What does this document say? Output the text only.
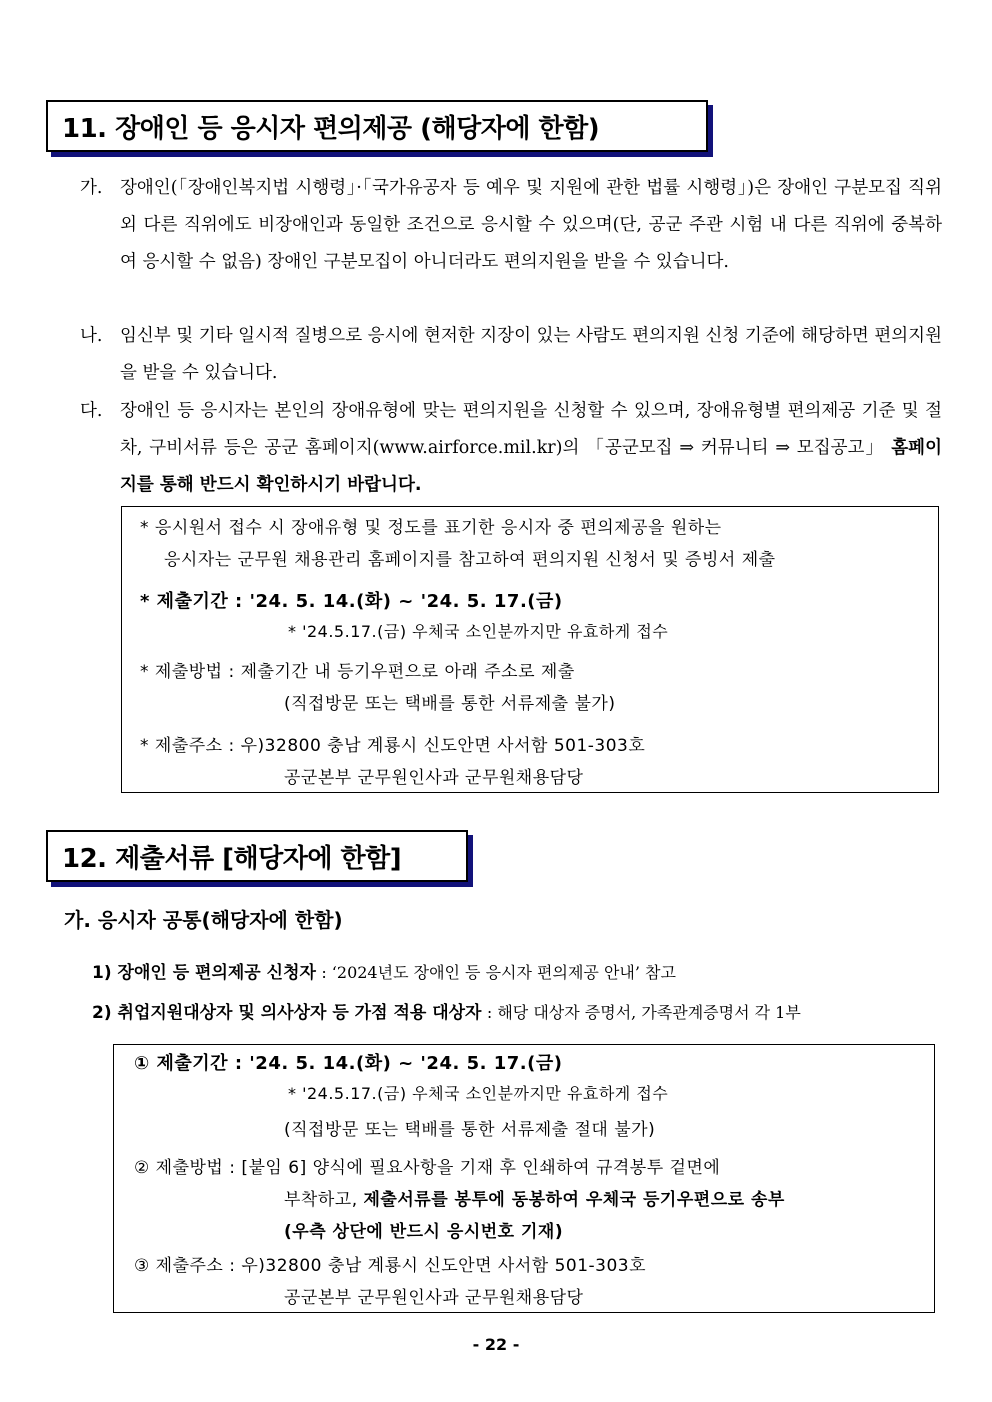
11. 장애인 등 응시자 편의제공 (해당자에 한함)
가. 장애인(「장애인복지법 시행령」·「국가유공자 등 예우 및 지원에 관한 법률 시행령」)은 장애인 구분모집 직위 외 다른 직위에도 비장애인과 동일한 조건으로 응시할 수 있으며(단, 공군 주관 시험 내 다른 직위에 중복하여 응시할 수 없음) 장애인 구분모집이 아니더라도 편의지원을 받을 수 있습니다.
나. 임신부 및 기타 일시적 질병으로 응시에 현저한 지장이 있는 사람도 편의지원 신청 기준에 해당하면 편의지원을 받을 수 있습니다.
다. 장애인 등 응시자는 본인의 장애유형에 맞는 편의지원을 신청할 수 있으며, 장애유형별 편의제공 기준 및 절차, 구비서류 등은 공군 홈페이지(www.airforce.mil.kr)의 「공군모집 ⇒ 커뮤니티 ⇒ 모집공고」 홈페이지를 통해 반드시 확인하시기 바랍니다.
* 응시원서 접수 시 장애유형 및 정도를 표기한 응시자 중 편의제공을 원하는
응시자는 군무원 채용관리 홈페이지를 참고하여 편의지원 신청서 및 증빙서 제출
* 제출기간 : '24. 5. 14.(화) ~ '24. 5. 17.(금)
* '24.5.17.(금) 우체국 소인분까지만 유효하게 접수
* 제출방법 : 제출기간 내 등기우편으로 아래 주소로 제출
(직접방문 또는 택배를 통한 서류제출 불가)
* 제출주소 : 우)32800 충남 계룡시 신도안면 사서함 501-303호
공군본부 군무원인사과 군무원채용담당
12. 제출서류 [해당자에 한함]
가. 응시자 공통(해당자에 한함)
1) 장애인 등 편의제공 신청자 : ‘2024년도 장애인 등 응시자 편의제공 안내’ 참고
2) 취업지원대상자 및 의사상자 등 가점 적용 대상자 : 해당 대상자 증명서, 가족관계증명서 각 1부
① 제출기간 : '24. 5. 14.(화) ~ '24. 5. 17.(금)
* '24.5.17.(금) 우체국 소인분까지만 유효하게 접수
(직접방문 또는 택배를 통한 서류제출 절대 불가)
② 제출방법 : [붙임 6] 양식에 필요사항을 기재 후 인쇄하여 규격봉투 겉면에
부착하고, 제출서류를 봉투에 동봉하여 우체국 등기우편으로 송부
(우측 상단에 반드시 응시번호 기재)
③ 제출주소 : 우)32800 충남 계룡시 신도안면 사서함 501-303호
공군본부 군무원인사과 군무원채용담당
- 22 -
